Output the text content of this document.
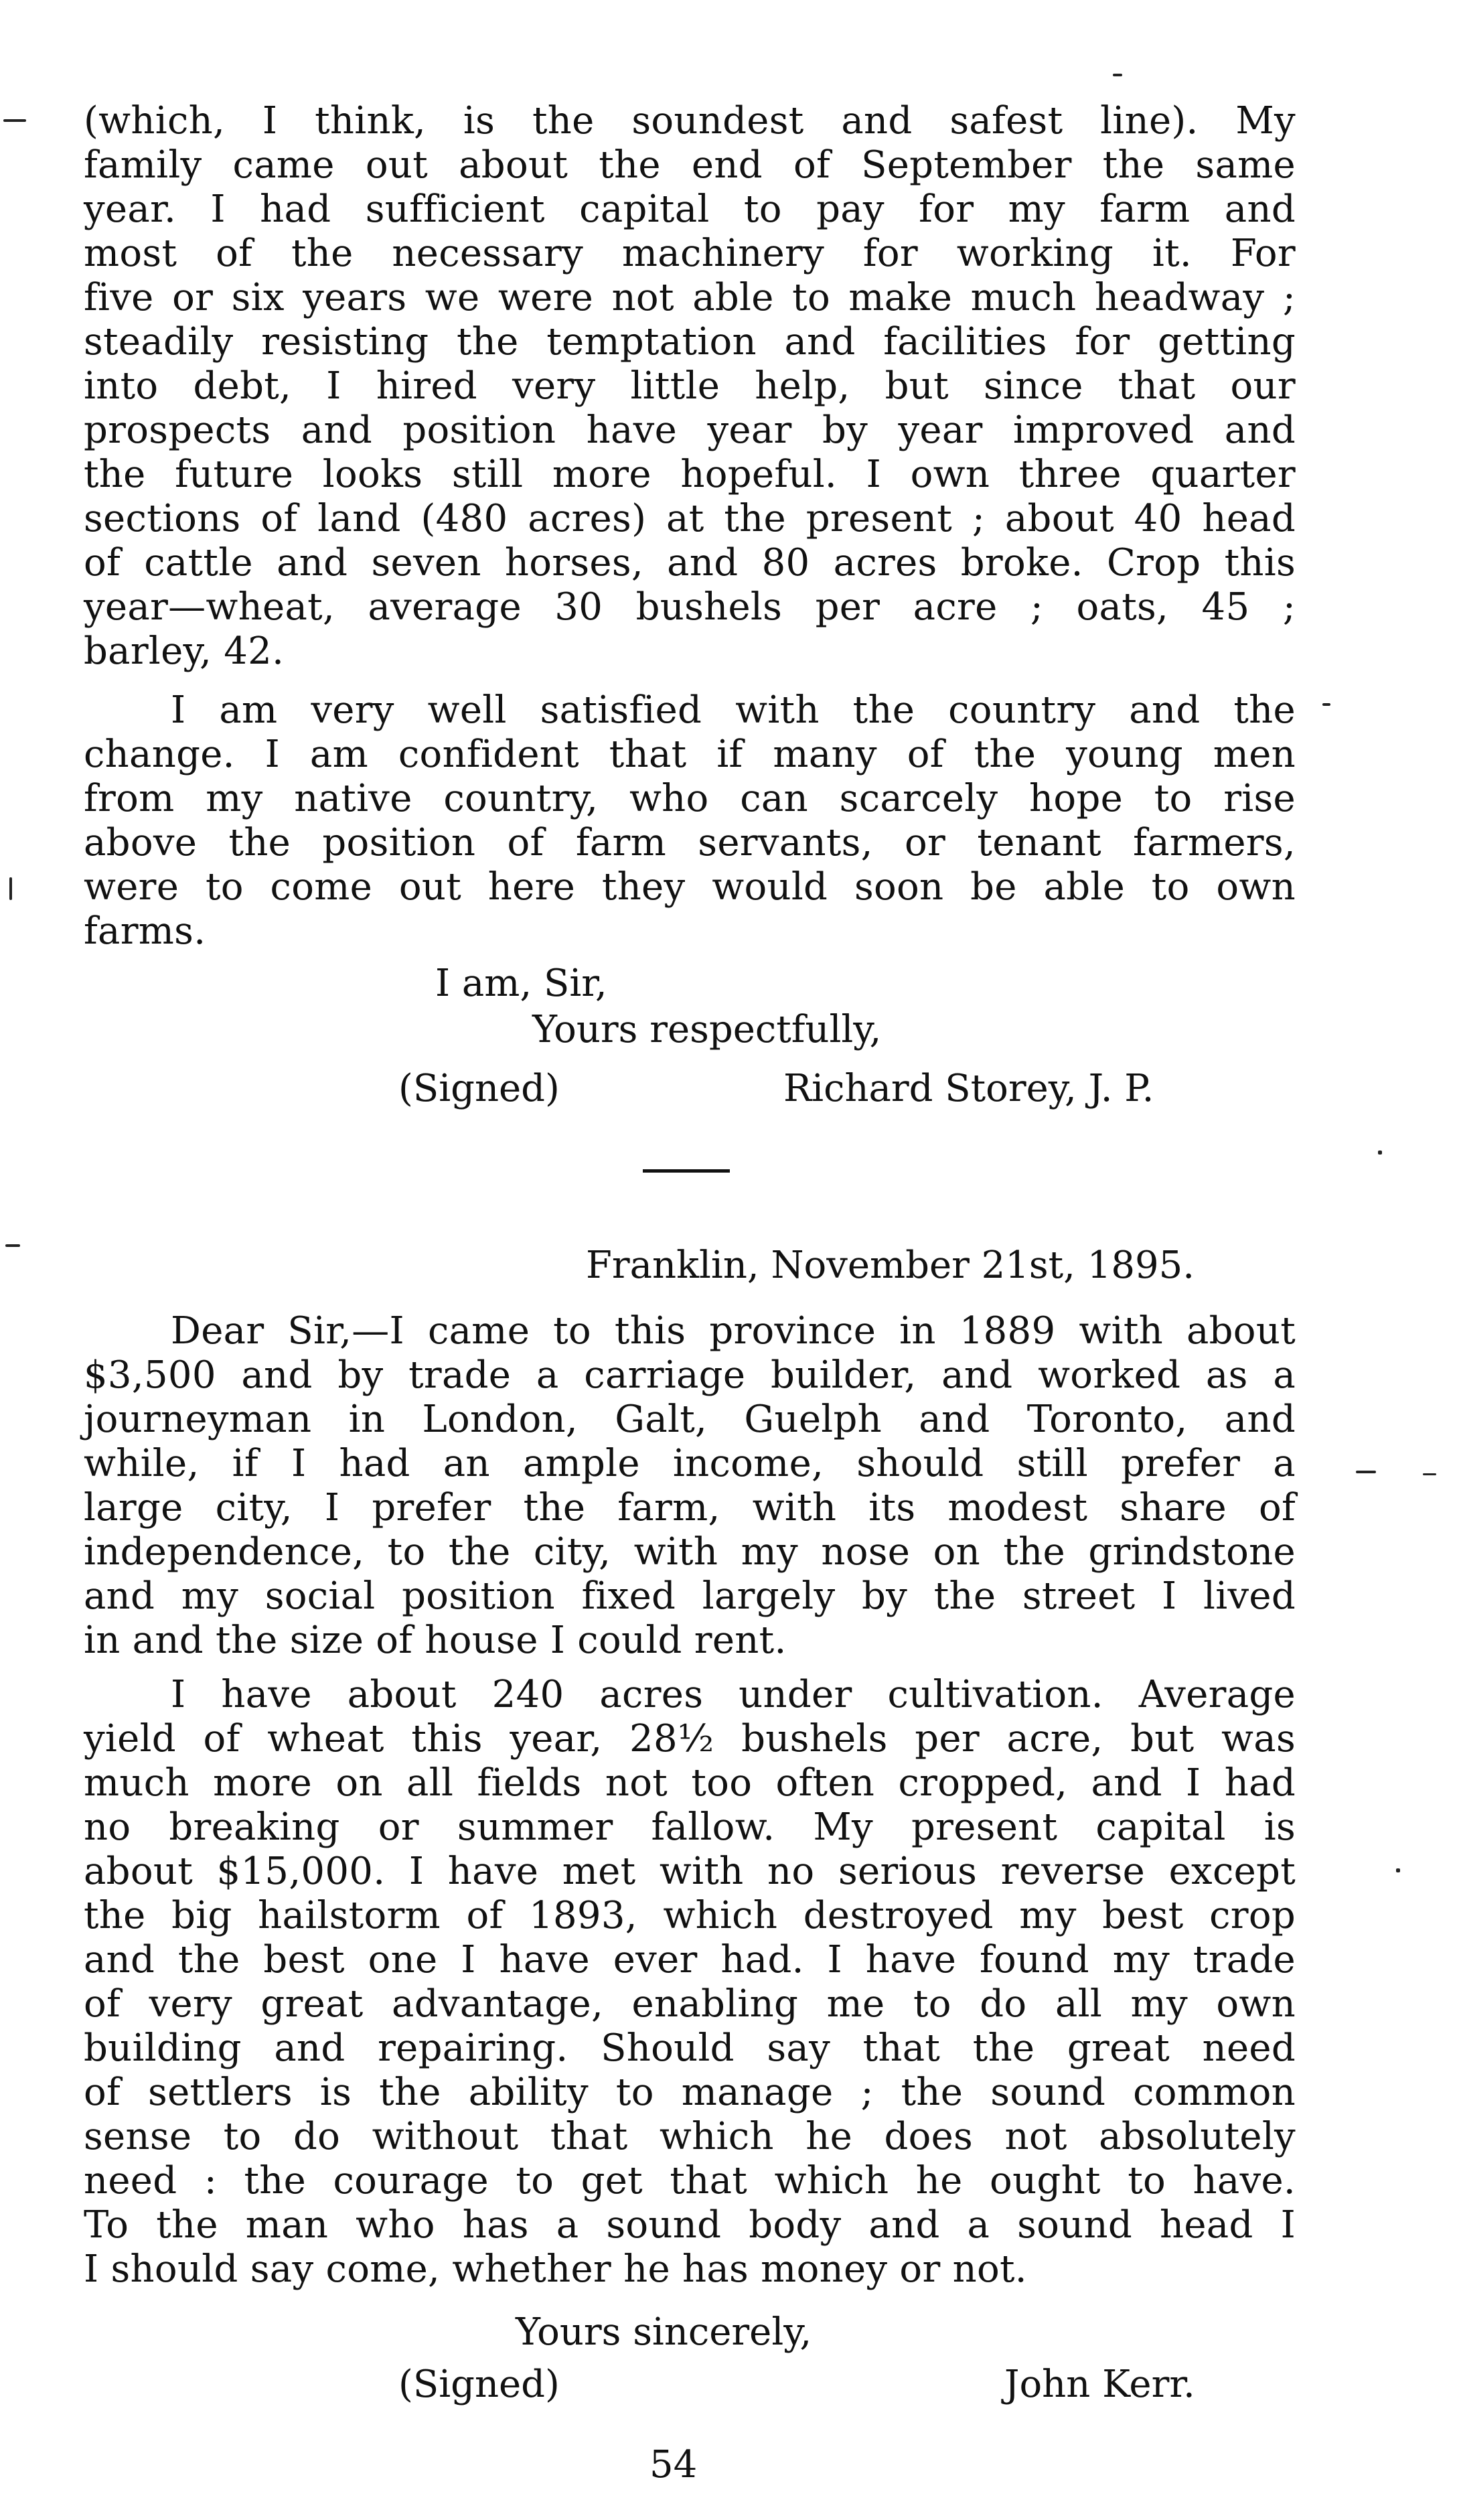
(which, I think, is the soundest and safest line). My
family came out about the end of September the same
year. I had sufficient capital to pay for my farm and
most of the necessary machinery for working it. For
five or six years we were not able to make much headway ;
steadily resisting the temptation and facilities for getting
into debt, I hired very little help, but since that our
prospects and position have year by year improved and
the future looks still more hopeful. I own three quarter
sections of land (480 acres) at the present ; about 40 head
of cattle and seven horses, and 80 acres broke. Crop this
year—wheat, average 30 bushels per acre ; oats, 45 ;
barley, 42.
I am very well satisfied with the country and the
change. I am confident that if many of the young men
from my native country, who can scarcely hope to rise
above the position of farm servants, or tenant farmers,
were to come out here they would soon be able to own
farms.
I am, Sir,
Yours respectfully,
(Signed)	Richard Storey, J. P.
Franklin, November 21st, 1895.
Dear Sir,—I came to this province in 1889 with about
$3,500 and by trade a carriage builder, and worked as a
journeyman in London, Galt, Guelph and Toronto, and
while, if I had an ample income, should still prefer a
large city, I prefer the farm, with its modest share of
independence, to the city, with my nose on the grindstone
and my social position fixed largely by the street I lived
in and the size of house I could rent.
I have about 240 acres under cultivation. Average
yield of wheat this year, 28½ bushels per acre, but was
much more on all fields not too often cropped, and I had
no breaking or summer fallow. My present capital is
about $15,000. I have met with no serious reverse except
the big hailstorm of 1893, which destroyed my best crop
and the best one I have ever had. I have found my trade
of very great advantage, enabling me to do all my own
building and repairing. Should say that the great need
of settlers is the ability to manage ; the sound common
sense to do without that which he does not absolutely
need : the courage to get that which he ought to have.
To the man who has a sound body and a sound head I
I should say come, whether he has money or not.
Yours sincerely,
(Signed)	John Kerr.
54
